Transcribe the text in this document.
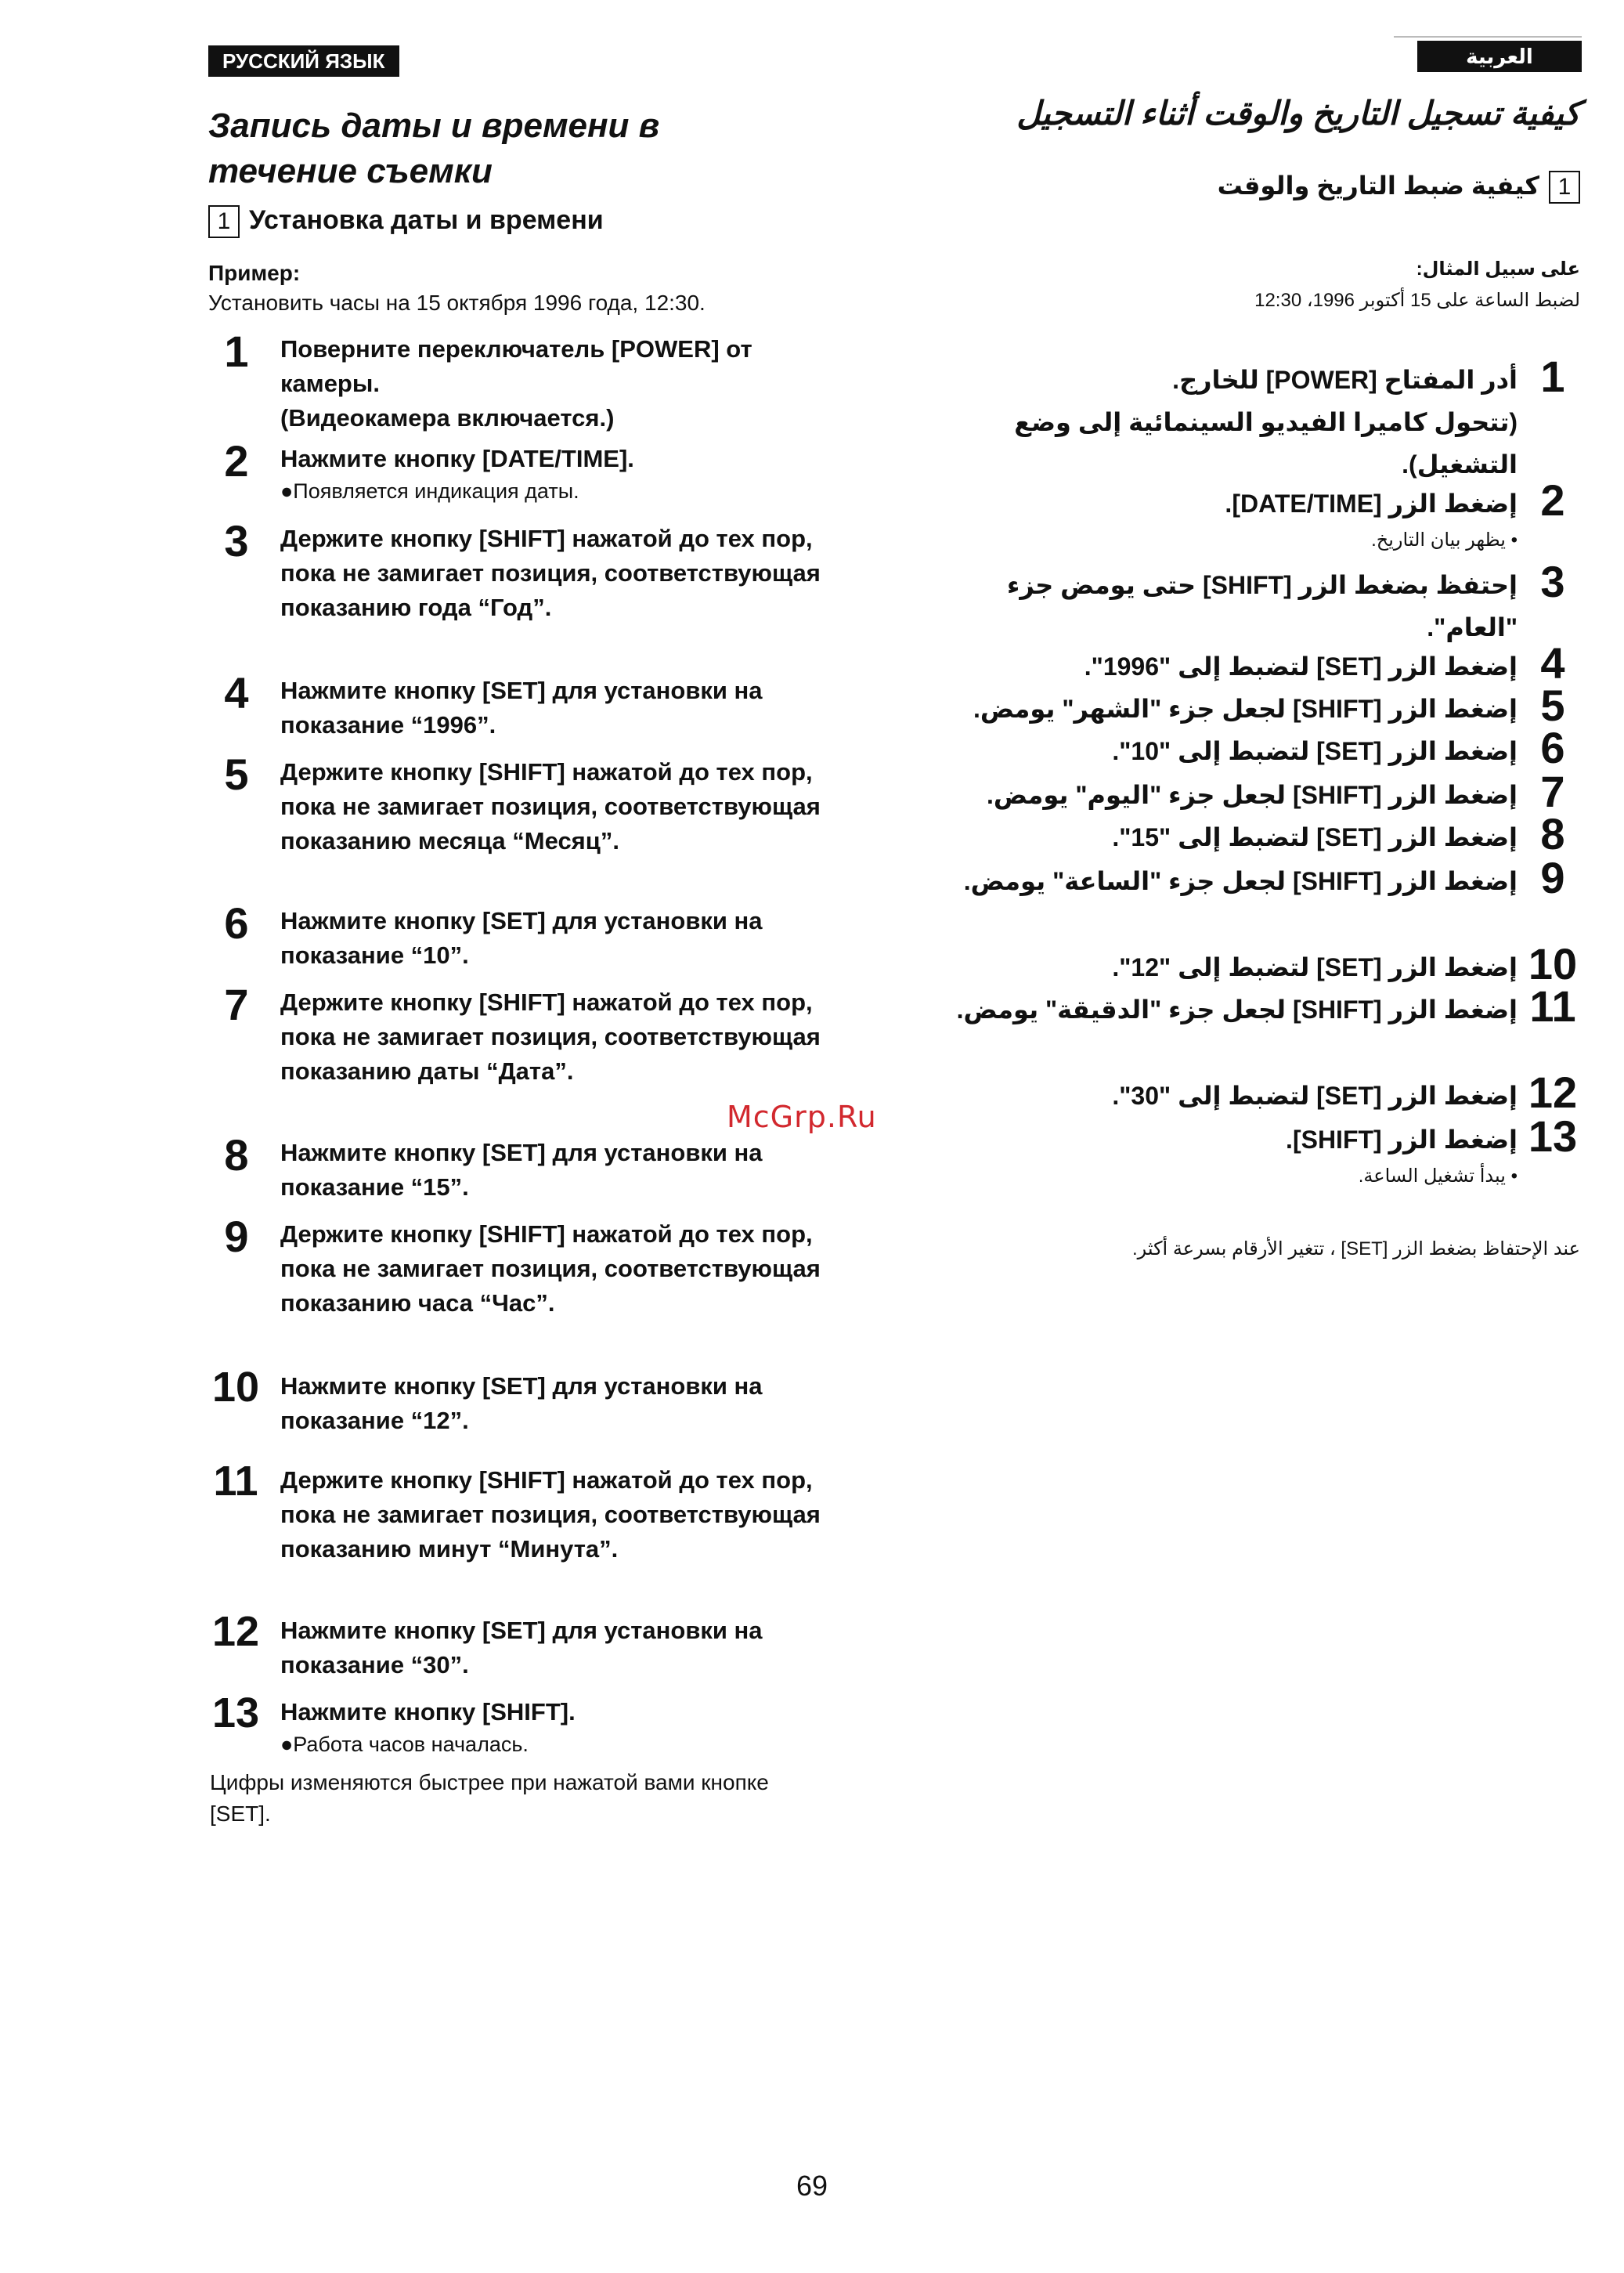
РУССКИЙ ЯЗЫК
Запись даты и времени в течение съемки
1 Установка даты и времени
Пример:
Установить часы на 15 октября 1996 года, 12:30.
1	Поверните переключатель [POWER] от камеры.
(Видеокамера включается.)
2	Нажмите кнопку [DATE/TIME].
●Появляется индикация даты.
3	Держите кнопку [SHIFT] нажатой до тех пор, пока не замигает позиция, соответствующая показанию года “Год”.
4	Нажмите кнопку [SET] для установки на показание “1996”.
5	Держите кнопку [SHIFT] нажатой до тех пор, пока не замигает позиция, соответствующая показанию месяца “Месяц”.
6	Нажмите кнопку [SET] для установки на показание “10”.
7	Держите кнопку [SHIFT] нажатой до тех пор, пока не замигает позиция, соответствующая показанию даты “Дата”.
8	Нажмите кнопку [SET] для установки на показание “15”.
9	Держите кнопку [SHIFT] нажатой до тех пор, пока не замигает позиция, соответствующая показанию часа “Час”.
10 Нажмите кнопку [SET] для установки на показание “12”.
11 Держите кнопку [SHIFT] нажатой до тех пор, пока не замигает позиция, соответствующая показанию минут “Минута”.
12 Нажмите кнопку [SET] для установки на показание “30”.
13 Нажмите кнопку [SHIFT].
●Работа часов началась.
Цифры изменяются быстрее при нажатой вами кнопке [SET].
العربية
كيفية تسجيل التاريخ والوقت أثناء التسجيل
1كيفية ضبط التاريخ والوقت
على سبيل المثال:
لضبط الساعة على 15 أكتوبر 1996، 12:30
1
أدر المفتاح [POWER] للخارج.
(تتحول كاميرا الفيديو السينمائية إلى وضع التشغيل).
2
إضغط الزر [DATE/TIME].
• يظهر بيان التاريخ.
3
إحتفظ بضغط الزر [SHIFT] حتى يومض جزء "العام".
4
إضغط الزر [SET] لتضبط إلى "1996".
5
إضغط الزر [SHIFT] لجعل جزء "الشهر" يومض.
6
إضغط الزر [SET] لتضبط إلى "10".
7
إضغط الزر [SHIFT] لجعل جزء "اليوم" يومض.
8
إضغط الزر [SET] لتضبط إلى "15".
9
إضغط الزر [SHIFT] لجعل جزء "الساعة" يومض.
10
إضغط الزر [SET] لتضبط إلى "12".
11
إضغط الزر [SHIFT] لجعل جزء "الدقيقة" يومض.
12
إضغط الزر [SET] لتضبط إلى "30".
13
إضغط الزر [SHIFT].
• يبدأ تشغيل الساعة.
عند الإحتفاظ بضغط الزر [SET] ، تتغير الأرقام بسرعة أكثر.
McGrp.Ru
69
